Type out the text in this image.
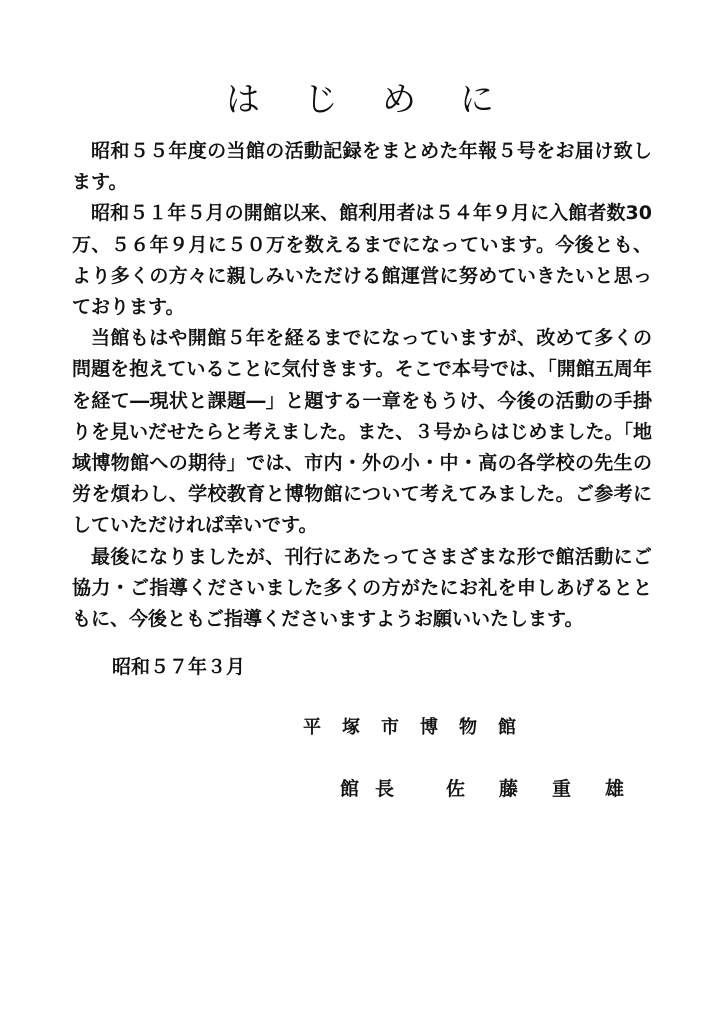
はじめに

昭和５５年度の当館の活動記録をまとめた年報５号をお届け致します。

昭和５１年５月の開館以来、館利用者は５４年９月に入館者数30万、５６年９月に５０万を数えるまでになっています。今後とも、より多くの方々に親しみいただける館運営に努めていきたいと思っております。

当館もはや開館５年を経るまでになっていますが、改めて多くの問題を抱えていることに気付きます。そこで本号では、「開館五周年を経て―現状と課題―」と題する一章をもうけ、今後の活動の手掛りを見いだせたらと考えました。また、３号からはじめました。「地域博物館への期待」では、市内・外の小・中・高の各学校の先生の労を煩わし、学校教育と博物館について考えてみました。ご参考にしていただければ幸いです。

最後になりましたが、刊行にあたってさまざまな形で館活動にご協力・ご指導くださいました多くの方がたにお礼を申しあげるとともに、今後ともご指導くださいますようお願いいたします。

昭和５７年３月
平塚市博物館
館長 佐藤重雄
